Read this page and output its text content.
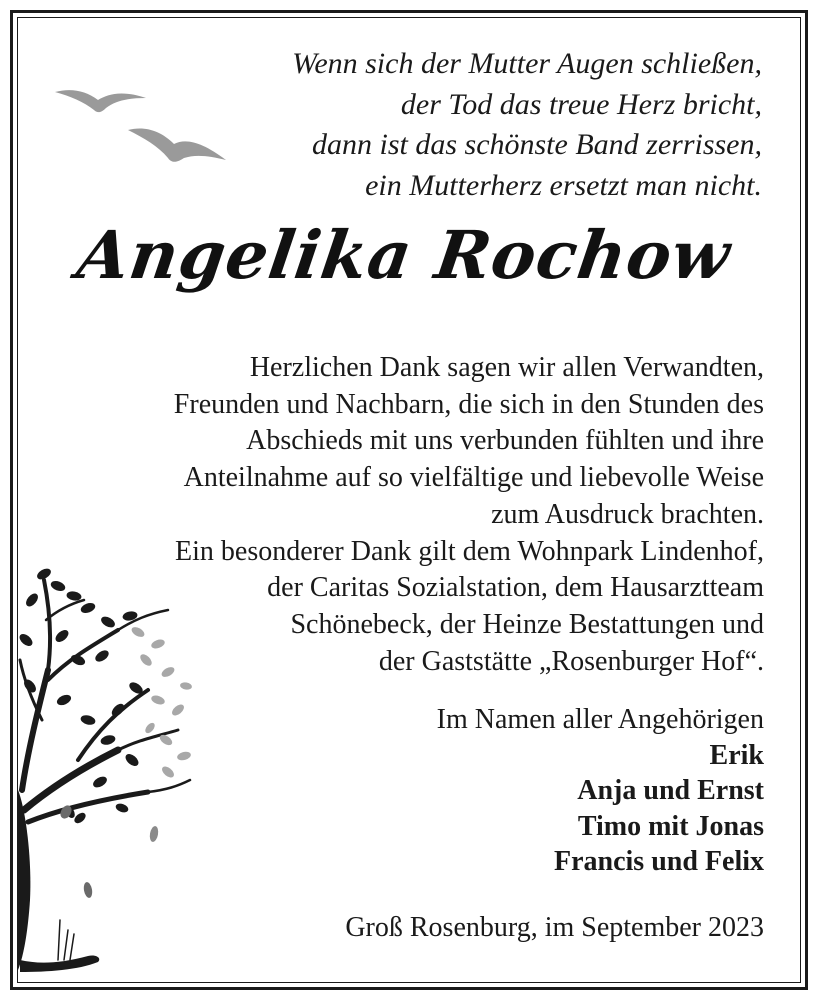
Wenn sich der Mutter Augen schließen,
der Tod das treue Herz bricht,
dann ist das schönste Band zerrissen,
ein Mutterherz ersetzt man nicht.
Angelika Rochow
Herzlichen Dank sagen wir allen Verwandten,
Freunden und Nachbarn, die sich in den Stunden des
Abschieds mit uns verbunden fühlten und ihre
Anteilnahme auf so vielfältige und liebevolle Weise
zum Ausdruck brachten.
Ein besonderer Dank gilt dem Wohnpark Lindenhof,
der Caritas Sozialstation, dem Hausarztteam
Schönebeck, der Heinze Bestattungen und
der Gaststätte „Rosenburger Hof“.
Im Namen aller Angehörigen
Erik
Anja und Ernst
Timo mit Jonas
Francis und Felix
Groß Rosenburg, im September 2023
